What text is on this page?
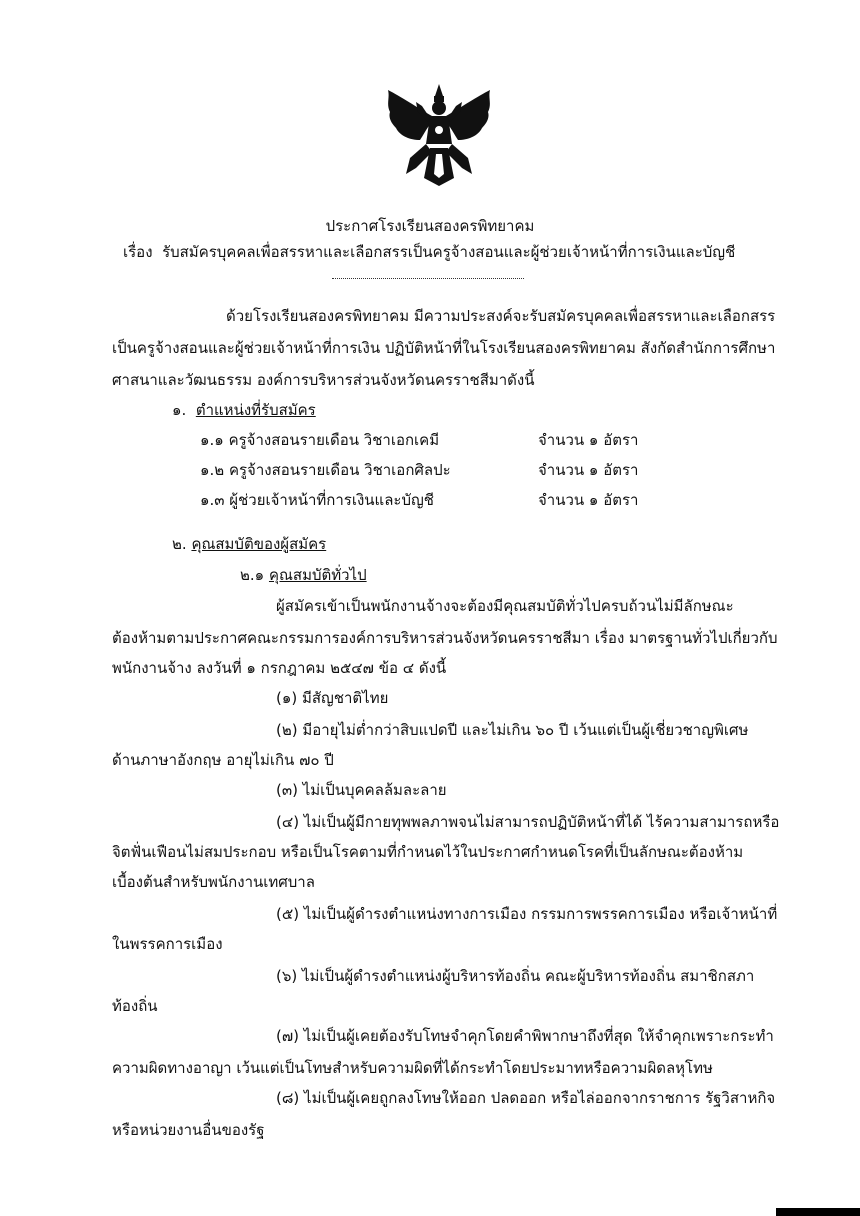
ประกาศโรงเรียนสองครพิทยาคม
เรื่อง รับสมัครบุคคลเพื่อสรรหาและเลือกสรรเป็นครูจ้างสอนและผู้ช่วยเจ้าหน้าที่การเงินและบัญชี
ด้วยโรงเรียนสองครพิทยาคม มีความประสงค์จะรับสมัครบุคคลเพื่อสรรหาและเลือกสรร
เป็นครูจ้างสอนและผู้ช่วยเจ้าหน้าที่การเงิน ปฏิบัติหน้าที่ในโรงเรียนสองครพิทยาคม สังกัดสำนักการศึกษา
ศาสนาและวัฒนธรรม องค์การบริหารส่วนจังหวัดนครราชสีมาดังนี้
๑. ตำแหน่งที่รับสมัคร
๑.๑ ครูจ้างสอนรายเดือน วิชาเอกเคมี	จำนวน ๑ อัตรา
๑.๒ ครูจ้างสอนรายเดือน วิชาเอกศิลปะ	จำนวน ๑ อัตรา
๑.๓ ผู้ช่วยเจ้าหน้าที่การเงินและบัญชี	จำนวน ๑ อัตรา
๒. คุณสมบัติของผู้สมัคร
๒.๑ คุณสมบัติทั่วไป
ผู้สมัครเข้าเป็นพนักงานจ้างจะต้องมีคุณสมบัติทั่วไปครบถ้วนไม่มีลักษณะ
ต้องห้ามตามประกาศคณะกรรมการองค์การบริหารส่วนจังหวัดนครราชสีมา เรื่อง มาตรฐานทั่วไปเกี่ยวกับ
พนักงานจ้าง ลงวันที่ ๑ กรกฎาคม ๒๕๔๗ ข้อ ๔ ดังนี้
(๑) มีสัญชาติไทย
(๒) มีอายุไม่ต่ำกว่าสิบแปดปี และไม่เกิน ๖๐ ปี เว้นแต่เป็นผู้เชี่ยวชาญพิเศษ
ด้านภาษาอังกฤษ อายุไม่เกิน ๗๐ ปี
(๓) ไม่เป็นบุคคลล้มละลาย
(๔) ไม่เป็นผู้มีกายทุพพลภาพจนไม่สามารถปฏิบัติหน้าที่ได้ ไร้ความสามารถหรือ
จิตฟั่นเฟือนไม่สมประกอบ หรือเป็นโรคตามที่กำหนดไว้ในประกาศกำหนดโรคที่เป็นลักษณะต้องห้าม
เบื้องต้นสำหรับพนักงานเทศบาล
(๕) ไม่เป็นผู้ดำรงตำแหน่งทางการเมือง กรรมการพรรคการเมือง หรือเจ้าหน้าที่
ในพรรคการเมือง
(๖) ไม่เป็นผู้ดำรงตำแหน่งผู้บริหารท้องถิ่น คณะผู้บริหารท้องถิ่น สมาชิกสภา
ท้องถิ่น
(๗) ไม่เป็นผู้เคยต้องรับโทษจำคุกโดยคำพิพากษาถึงที่สุด ให้จำคุกเพราะกระทำ
ความผิดทางอาญา เว้นแต่เป็นโทษสำหรับความผิดที่ได้กระทำโดยประมาทหรือความผิดลหุโทษ
(๘) ไม่เป็นผู้เคยถูกลงโทษให้ออก ปลดออก หรือไล่ออกจากราชการ รัฐวิสาหกิจ
หรือหน่วยงานอื่นของรัฐ
